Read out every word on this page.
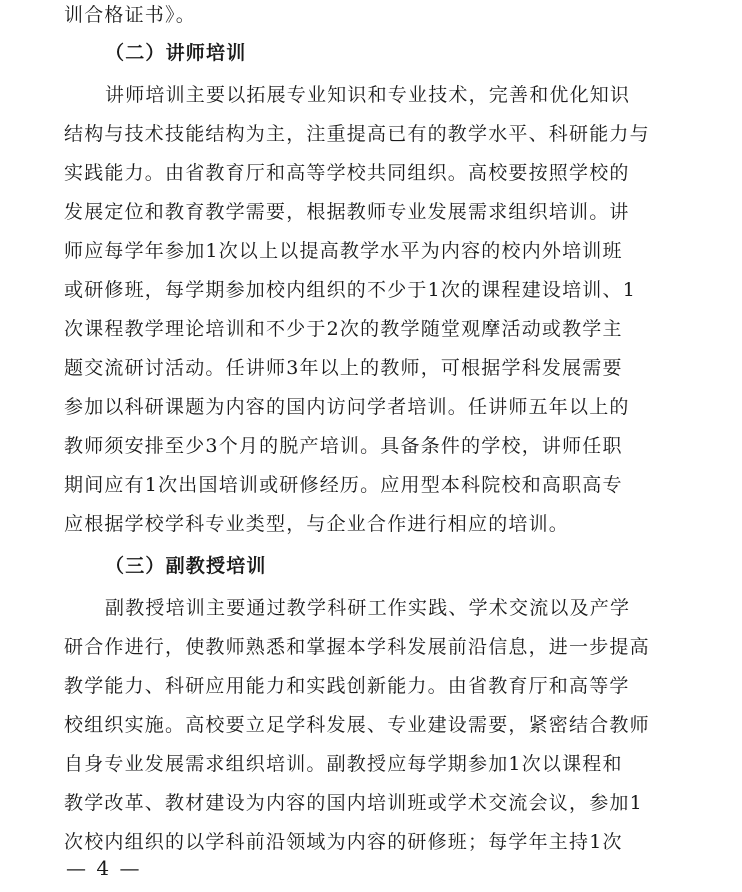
训合格证书》。
（二）讲师培训
讲师培训主要以拓展专业知识和专业技术，完善和优化知识
结构与技术技能结构为主，注重提高已有的教学水平、科研能力与
实践能力。由省教育厅和高等学校共同组织。高校要按照学校的
发展定位和教育教学需要，根据教师专业发展需求组织培训。讲
师应每学年参加1次以上以提高教学水平为内容的校内外培训班
或研修班，每学期参加校内组织的不少于1次的课程建设培训、1
次课程教学理论培训和不少于2次的教学随堂观摩活动或教学主
题交流研讨活动。任讲师3年以上的教师，可根据学科发展需要
参加以科研课题为内容的国内访问学者培训。任讲师五年以上的
教师须安排至少3个月的脱产培训。具备条件的学校，讲师任职
期间应有1次出国培训或研修经历。应用型本科院校和高职高专
应根据学校学科专业类型，与企业合作进行相应的培训。
（三）副教授培训
副教授培训主要通过教学科研工作实践、学术交流以及产学
研合作进行，使教师熟悉和掌握本学科发展前沿信息，进一步提高
教学能力、科研应用能力和实践创新能力。由省教育厅和高等学
校组织实施。高校要立足学科发展、专业建设需要，紧密结合教师
自身专业发展需求组织培训。副教授应每学期参加1次以课程和
教学改革、教材建设为内容的国内培训班或学术交流会议，参加1
次校内组织的以学科前沿领域为内容的研修班；每学年主持1次
— 4 —
